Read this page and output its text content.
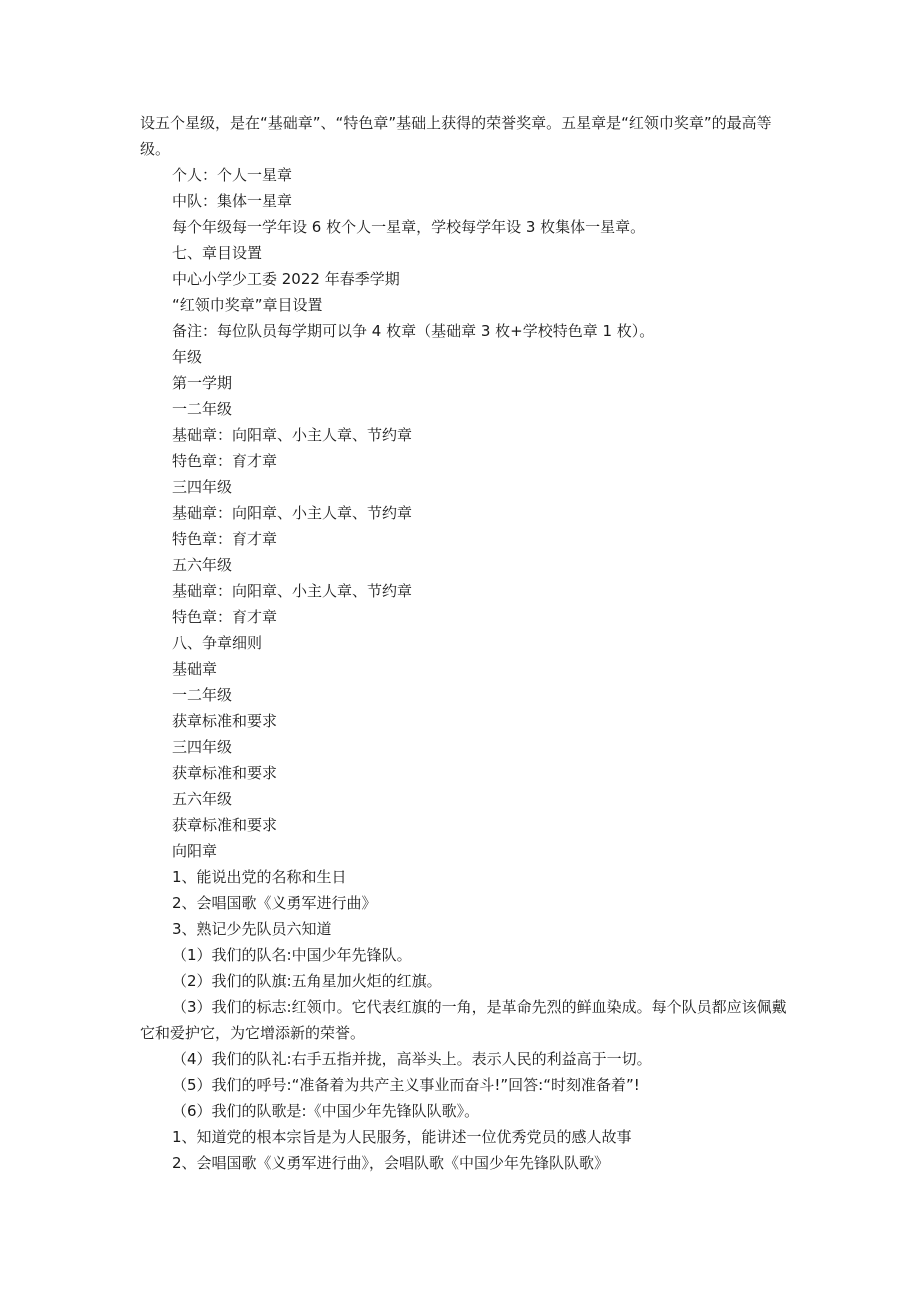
设五个星级，是在“基础章”、“特色章”基础上获得的荣誉奖章。五星章是“红领巾奖章”的最高等级。

个人：个人一星章

中队：集体一星章

每个年级每一学年设 6 枚个人一星章，学校每学年设 3 枚集体一星章。

七、章目设置

中心小学少工委 2022 年春季学期

“红领巾奖章”章目设置

备注：每位队员每学期可以争 4 枚章（基础章 3 枚+学校特色章 1 枚）。

年级

第一学期

一二年级

基础章：向阳章、小主人章、节约章

特色章：育才章

三四年级

基础章：向阳章、小主人章、节约章

特色章：育才章

五六年级

基础章：向阳章、小主人章、节约章

特色章：育才章

八、争章细则

基础章

一二年级

获章标准和要求

三四年级

获章标准和要求

五六年级

获章标准和要求

向阳章

1、能说出党的名称和生日

2、会唱国歌《义勇军进行曲》

3、熟记少先队员六知道

（1）我们的队名:中国少年先锋队。

（2）我们的队旗:五角星加火炬的红旗。

（3）我们的标志:红领巾。它代表红旗的一角，是革命先烈的鲜血染成。每个队员都应该佩戴它和爱护它，为它增添新的荣誉。

（4）我们的队礼:右手五指并拢，高举头上。表示人民的利益高于一切。

（5）我们的呼号:“准备着为共产主义事业而奋斗!”回答:“时刻准备着”!

（6）我们的队歌是:《中国少年先锋队队歌》。

1、知道党的根本宗旨是为人民服务，能讲述一位优秀党员的感人故事

2、会唱国歌《义勇军进行曲》，会唱队歌《中国少年先锋队队歌》
